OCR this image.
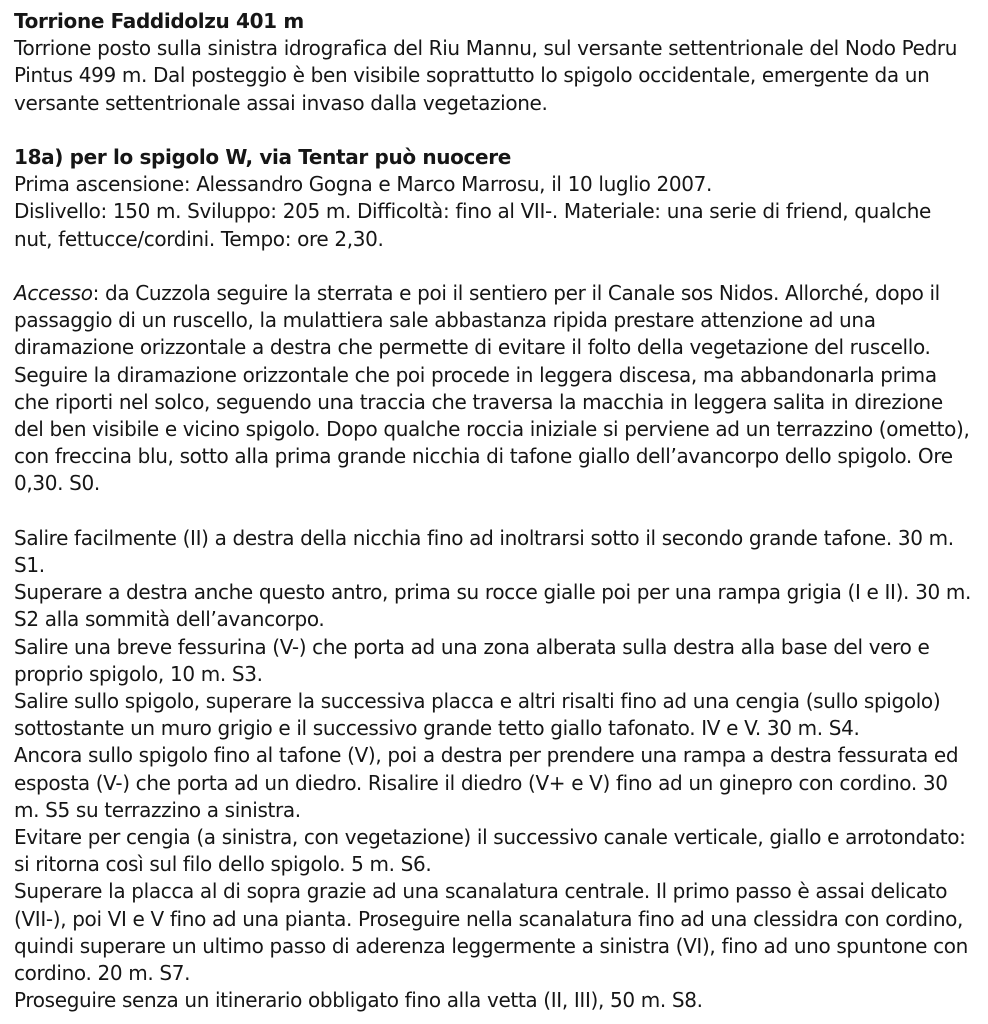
Torrione Faddidolzu 401 m

Torrione posto sulla sinistra idrografica del Riu Mannu, sul versante settentrionale del Nodo Pedru Pintus 499 m. Dal posteggio è ben visibile soprattutto lo spigolo occidentale, emergente da un versante settentrionale assai invaso dalla vegetazione.

18a) per lo spigolo W, via Tentar può nuocere

Prima ascensione: Alessandro Gogna e Marco Marrosu, il 10 luglio 2007.

Dislivello: 150 m. Sviluppo: 205 m. Difficoltà: fino al VII-. Materiale: una serie di friend, qualche nut, fettucce/cordini. Tempo: ore 2,30.

Accesso: da Cuzzola seguire la sterrata e poi il sentiero per il Canale sos Nidos. Allorché, dopo il passaggio di un ruscello, la mulattiera sale abbastanza ripida prestare attenzione ad una diramazione orizzontale a destra che permette di evitare il folto della vegetazione del ruscello. Seguire la diramazione orizzontale che poi procede in leggera discesa, ma abbandonarla prima che riporti nel solco, seguendo una traccia che traversa la macchia in leggera salita in direzione del ben visibile e vicino spigolo. Dopo qualche roccia iniziale si perviene ad un terrazzino (ometto), con freccina blu, sotto alla prima grande nicchia di tafone giallo dell’avancorpo dello spigolo. Ore 0,30. S0.

Salire facilmente (II) a destra della nicchia fino ad inoltrarsi sotto il secondo grande tafone. 30 m. S1.

Superare a destra anche questo antro, prima su rocce gialle poi per una rampa grigia (I e II). 30 m. S2 alla sommità dell’avancorpo.

Salire una breve fessurina (V-) che porta ad una zona alberata sulla destra alla base del vero e proprio spigolo, 10 m. S3.

Salire sullo spigolo, superare la successiva placca e altri risalti fino ad una cengia (sullo spigolo) sottostante un muro grigio e il successivo grande tetto giallo tafonato. IV e V. 30 m. S4.

Ancora sullo spigolo fino al tafone (V), poi a destra per prendere una rampa a destra fessurata ed esposta (V-) che porta ad un diedro. Risalire il diedro (V+ e V) fino ad un ginepro con cordino. 30 m. S5 su terrazzino a sinistra.

Evitare per cengia (a sinistra, con vegetazione) il successivo canale verticale, giallo e arrotondato: si ritorna così sul filo dello spigolo. 5 m. S6.

Superare la placca al di sopra grazie ad una scanalatura centrale. Il primo passo è assai delicato (VII-), poi VI e V fino ad una pianta. Proseguire nella scanalatura fino ad una clessidra con cordino, quindi superare un ultimo passo di aderenza leggermente a sinistra (VI), fino ad uno spuntone con cordino. 20 m. S7.

Proseguire senza un itinerario obbligato fino alla vetta (II, III), 50 m. S8.
